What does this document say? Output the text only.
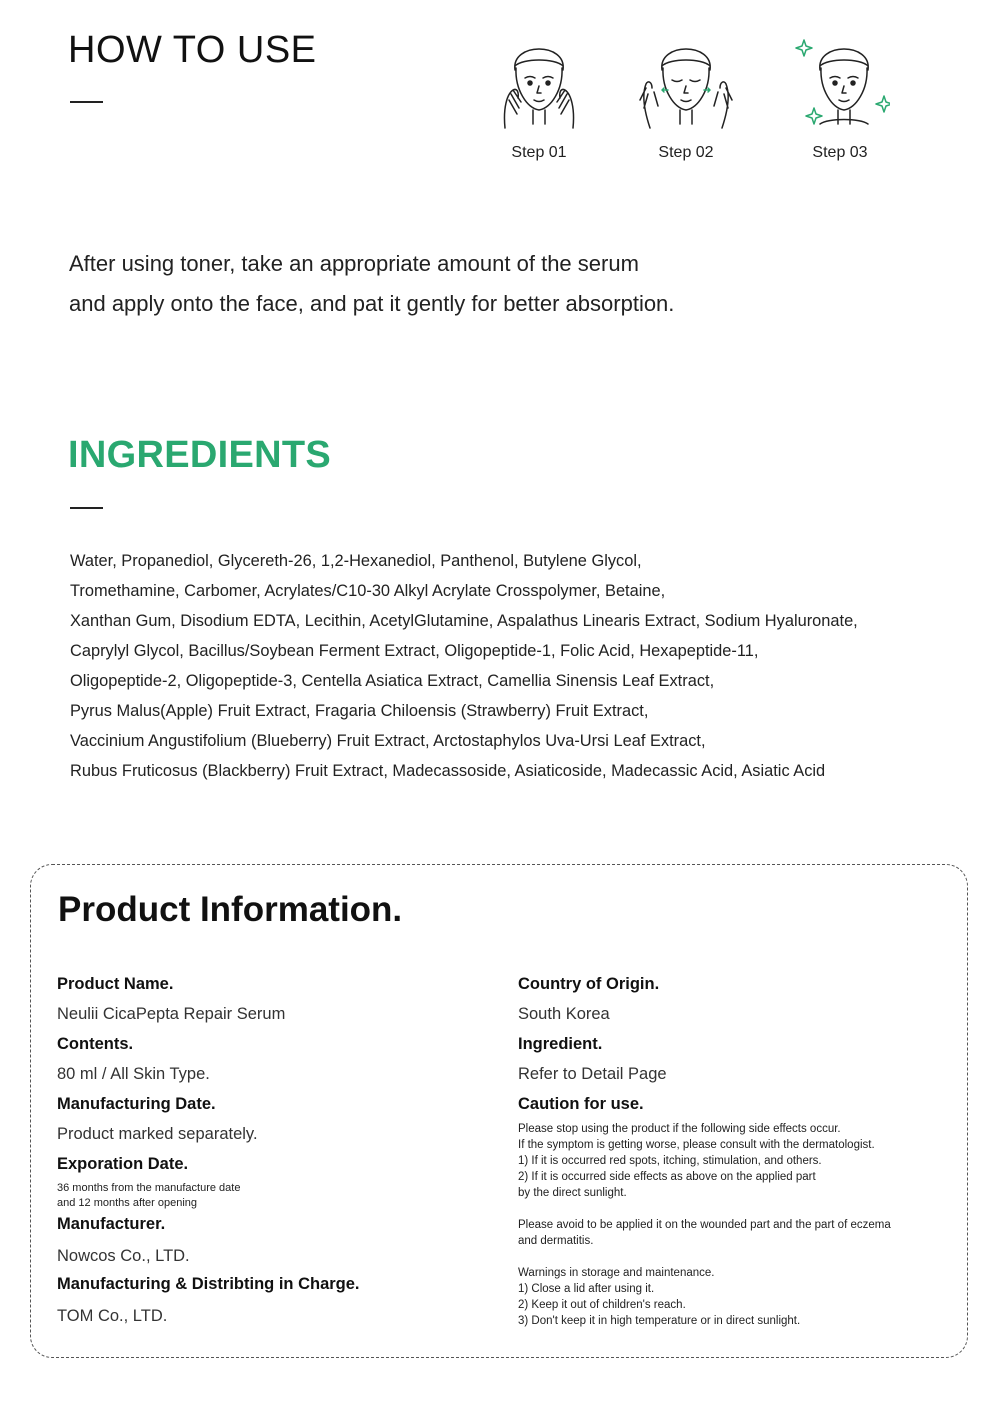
HOW TO USE
Step 01	Step 02	Step 03

After using toner, take an appropriate amount of the serum
and apply onto the face, and pat it gently for better absorption.

INGREDIENTS
Water, Propanediol, Glycereth-26, 1,2-Hexanediol, Panthenol, Butylene Glycol,
Tromethamine, Carbomer, Acrylates/C10-30 Alkyl Acrylate Crosspolymer, Betaine,
Xanthan Gum, Disodium EDTA, Lecithin, AcetylGlutamine, Aspalathus Linearis Extract, Sodium Hyaluronate,
Caprylyl Glycol, Bacillus/Soybean Ferment Extract, Oligopeptide-1, Folic Acid, Hexapeptide-11,
Oligopeptide-2, Oligopeptide-3, Centella Asiatica Extract, Camellia Sinensis Leaf Extract,
Pyrus Malus(Apple) Fruit Extract, Fragaria Chiloensis (Strawberry) Fruit Extract,
Vaccinium Angustifolium (Blueberry) Fruit Extract, Arctostaphylos Uva-Ursi Leaf Extract,
Rubus Fruticosus (Blackberry) Fruit Extract, Madecassoside, Asiaticoside, Madecassic Acid, Asiatic Acid
Product Information.
Product Name.
Neulii CicaPepta Repair Serum
Contents.
80 ml / All Skin Type.
Manufacturing Date.
Product marked separately.
Exporation Date.
36 months from the manufacture date
and 12 months after opening
Manufacturer.
Nowcos Co., LTD.
Manufacturing & Distribting in Charge.
TOM Co., LTD.
Country of Origin.
South Korea
Ingredient.
Refer to Detail Page
Caution for use.
Please stop using the product if the following side effects occur.
If the symptom is getting worse, please consult with the dermatologist.
1) If it is occurred red spots, itching, stimulation, and others.
2) If it is occurred side effects as above on the applied part
by the direct sunlight.
Please avoid to be applied it on the wounded part and the part of eczema
and dermatitis.
Warnings in storage and maintenance.
1) Close a lid after using it.
2) Keep it out of children's reach.
3) Don't keep it in high temperature or in direct sunlight.
